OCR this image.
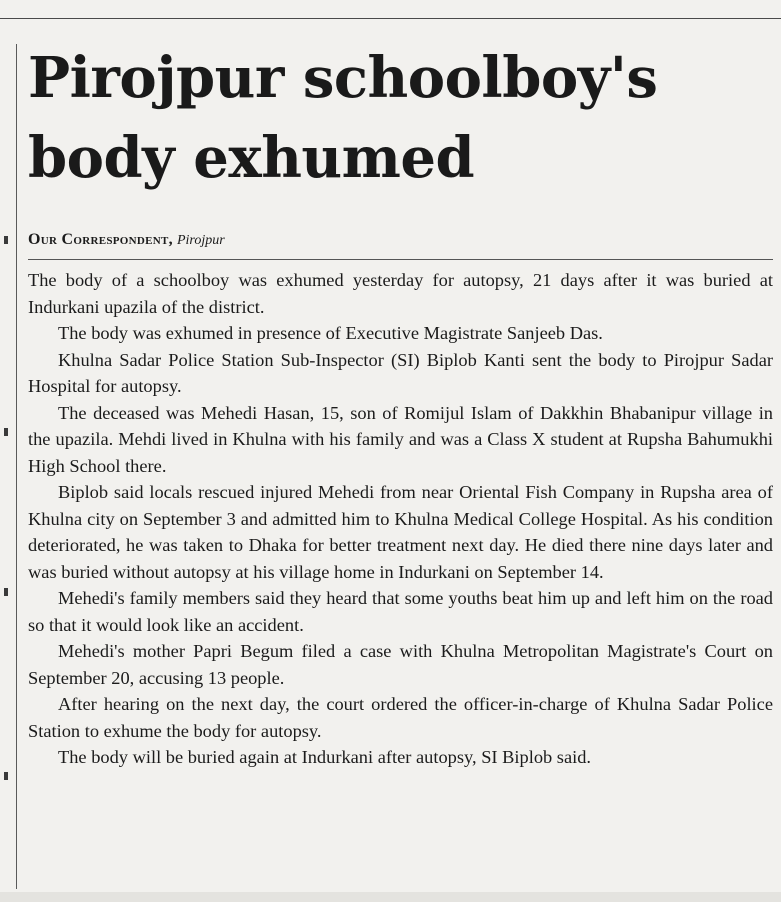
Pirojpur schoolboy's body exhumed
Our Correspondent, Pirojpur

The body of a schoolboy was exhumed yesterday for autopsy, 21 days after it was buried at Indurkani upazila of the district.

The body was exhumed in presence of Executive Magistrate Sanjeeb Das.

Khulna Sadar Police Station Sub-Inspector (SI) Biplob Kanti sent the body to Pirojpur Sadar Hospital for autopsy.

The deceased was Mehedi Hasan, 15, son of Romijul Islam of Dakkhin Bhabanipur village in the upazila. Mehdi lived in Khulna with his family and was a Class X student at Rupsha Bahumukhi High School there.

Biplob said locals rescued injured Mehedi from near Oriental Fish Company in Rupsha area of Khulna city on September 3 and admitted him to Khulna Medical College Hospital. As his condition deteriorated, he was taken to Dhaka for better treatment next day. He died there nine days later and was buried without autopsy at his village home in Indurkani on September 14.

Mehedi's family members said they heard that some youths beat him up and left him on the road so that it would look like an accident.

Mehedi's mother Papri Begum filed a case with Khulna Metropolitan Magistrate's Court on September 20, accusing 13 people.

After hearing on the next day, the court ordered the officer-in-charge of Khulna Sadar Police Station to exhume the body for autopsy.

The body will be buried again at Indurkani after autopsy, SI Biplob said.
